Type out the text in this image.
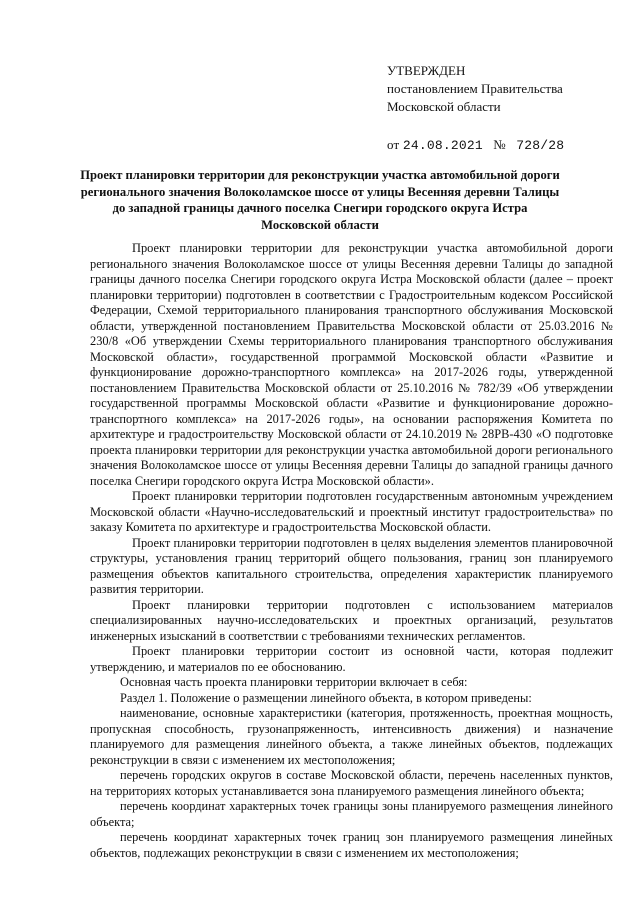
УТВЕРЖДЕН
постановлением Правительства
Московской области
от 24.08.2021 № 728/28
Проект планировки территории для реконструкции участка автомобильной дороги регионального значения Волоколамское шоссе от улицы Весенняя деревни Талицы до западной границы дачного поселка Снегири городского округа Истра Московской области

Проект планировки территории для реконструкции участка автомобильной дороги регионального значения Волоколамское шоссе от улицы Весенняя деревни Талицы до западной границы дачного поселка Снегири городского округа Истра Московской области (далее – проект планировки территории) подготовлен в соответствии с Градостроительным кодексом Российской Федерации, Схемой территориального планирования транспортного обслуживания Московской области, утвержденной постановлением Правительства Московской области от 25.03.2016 № 230/8 «Об утверждении Схемы территориального планирования транспортного обслуживания Московской области», государственной программой Московской области «Развитие и функционирование дорожно-транспортного комплекса» на 2017-2026 годы, утвержденной постановлением Правительства Московской области от 25.10.2016 № 782/39 «Об утверждении государственной программы Московской области «Развитие и функционирование дорожно-транспортного комплекса» на 2017-2026 годы», на основании распоряжения Комитета по архитектуре и градостроительству Московской области от 24.10.2019 № 28РВ-430 «О подготовке проекта планировки территории для реконструкции участка автомобильной дороги регионального значения Волоколамское шоссе от улицы Весенняя деревни Талицы до западной границы дачного поселка Снегири городского округа Истра Московской области».

Проект планировки территории подготовлен государственным автономным учреждением Московской области «Научно-исследовательский и проектный институт градостроительства» по заказу Комитета по архитектуре и градостроительства Московской области.

Проект планировки территории подготовлен в целях выделения элементов планировочной структуры, установления границ территорий общего пользования, границ зон планируемого размещения объектов капитального строительства, определения характеристик планируемого развития территории.

Проект планировки территории подготовлен с использованием материалов специализированных научно-исследовательских и проектных организаций, результатов инженерных изысканий в соответствии с требованиями технических регламентов.

Проект планировки территории состоит из основной части, которая подлежит утверждению, и материалов по ее обоснованию.

Основная часть проекта планировки территории включает в себя:

Раздел 1. Положение о размещении линейного объекта, в котором приведены:

наименование, основные характеристики (категория, протяженность, проектная мощность, пропускная способность, грузонапряженность, интенсивность движения) и назначение планируемого для размещения линейного объекта, а также линейных объектов, подлежащих реконструкции в связи с изменением их местоположения;

перечень городских округов в составе Московской области, перечень населенных пунктов, на территориях которых устанавливается зона планируемого размещения линейного объекта;

перечень координат характерных точек границы зоны планируемого размещения линейного объекта;

перечень координат характерных точек границ зон планируемого размещения линейных объектов, подлежащих реконструкции в связи с изменением их местоположения;
